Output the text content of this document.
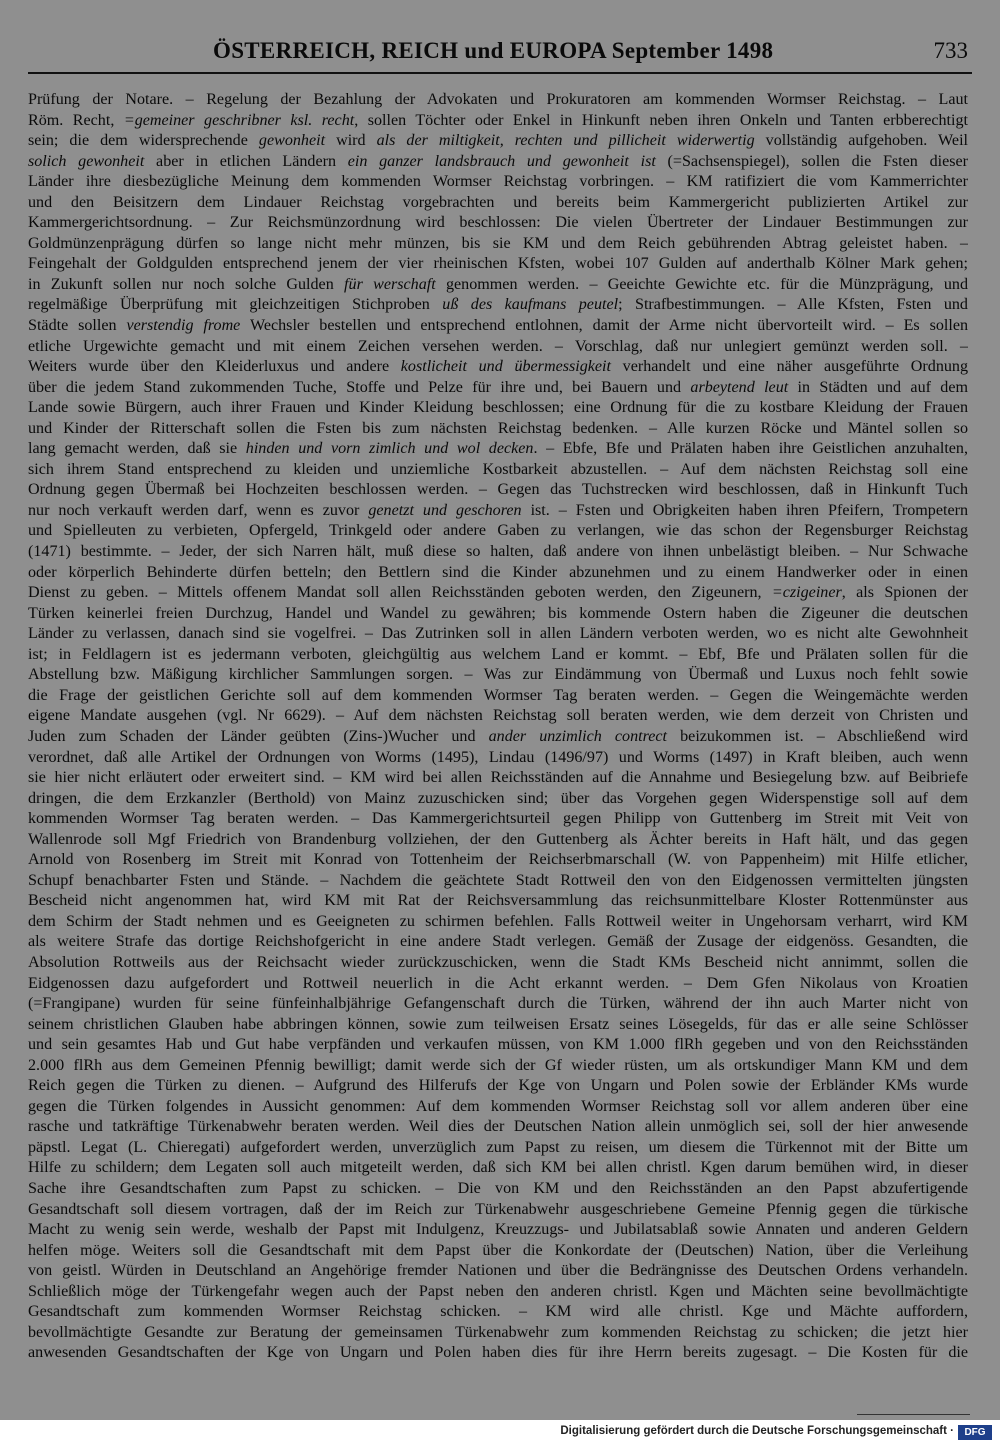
ÖSTERREICH, REICH und EUROPA September 1498	733
Prüfung der Notare. – Regelung der Bezahlung der Advokaten und Prokuratoren am kommenden Wormser Reichstag. – Laut
Röm. Recht, =gemeiner geschribner ksl. recht, sollen Töchter oder Enkel in Hinkunft neben ihren Onkeln und Tanten erbberechtigt
sein; die dem widersprechende gewonheit wird als der miltigkeit, rechten und pillicheit widerwertig vollständig aufgehoben. Weil
solich gewonheit aber in etlichen Ländern ein ganzer landsbrauch und gewonheit ist (=Sachsenspiegel), sollen die Fsten dieser
Länder ihre diesbezügliche Meinung dem kommenden Wormser Reichstag vorbringen. – KM ratifiziert die vom Kammerrichter
und den Beisitzern dem Lindauer Reichstag vorgebrachten und bereits beim Kammergericht publizierten Artikel zur
Kammergerichtsordnung. – Zur Reichsmünzordnung wird beschlossen: Die vielen Übertreter der Lindauer Bestimmungen zur
Goldmünzenprägung dürfen so lange nicht mehr münzen, bis sie KM und dem Reich gebührenden Abtrag geleistet haben. –
Feingehalt der Goldgulden entsprechend jenem der vier rheinischen Kfsten, wobei 107 Gulden auf anderthalb Kölner Mark gehen;
in Zukunft sollen nur noch solche Gulden für werschaft genommen werden. – Geeichte Gewichte etc. für die Münzprägung, und
regelmäßige Überprüfung mit gleichzeitigen Stichproben uß des kaufmans peutel; Strafbestimmungen. – Alle Kfsten, Fsten und
Städte sollen verstendig frome Wechsler bestellen und entsprechend entlohnen, damit der Arme nicht übervorteilt wird. – Es sollen
etliche Urgewichte gemacht und mit einem Zeichen versehen werden. – Vorschlag, daß nur unlegiert gemünzt werden soll. –
Weiters wurde über den Kleiderluxus und andere kostlicheit und übermessigkeit verhandelt und eine näher ausgeführte Ordnung
über die jedem Stand zukommenden Tuche, Stoffe und Pelze für ihre und, bei Bauern und arbeytend leut in Städten und auf dem
Lande sowie Bürgern, auch ihrer Frauen und Kinder Kleidung beschlossen; eine Ordnung für die zu kostbare Kleidung der Frauen
und Kinder der Ritterschaft sollen die Fsten bis zum nächsten Reichstag bedenken. – Alle kurzen Röcke und Mäntel sollen so
lang gemacht werden, daß sie hinden und vorn zimlich und wol decken. – Ebfe, Bfe und Prälaten haben ihre Geistlichen anzuhalten,
sich ihrem Stand entsprechend zu kleiden und unziemliche Kostbarkeit abzustellen. – Auf dem nächsten Reichstag soll eine
Ordnung gegen Übermaß bei Hochzeiten beschlossen werden. – Gegen das Tuchstrecken wird beschlossen, daß in Hinkunft Tuch
nur noch verkauft werden darf, wenn es zuvor genetzt und geschoren ist. – Fsten und Obrigkeiten haben ihren Pfeifern, Trompetern
und Spielleuten zu verbieten, Opfergeld, Trinkgeld oder andere Gaben zu verlangen, wie das schon der Regensburger Reichstag
(1471) bestimmte. – Jeder, der sich Narren hält, muß diese so halten, daß andere von ihnen unbelästigt bleiben. – Nur Schwache
oder körperlich Behinderte dürfen betteln; den Bettlern sind die Kinder abzunehmen und zu einem Handwerker oder in einen
Dienst zu geben. – Mittels offenem Mandat soll allen Reichsständen geboten werden, den Zigeunern, =czigeiner, als Spionen der
Türken keinerlei freien Durchzug, Handel und Wandel zu gewähren; bis kommende Ostern haben die Zigeuner die deutschen
Länder zu verlassen, danach sind sie vogelfrei. – Das Zutrinken soll in allen Ländern verboten werden, wo es nicht alte Gewohnheit
ist; in Feldlagern ist es jedermann verboten, gleichgültig aus welchem Land er kommt. – Ebf, Bfe und Prälaten sollen für die
Abstellung bzw. Mäßigung kirchlicher Sammlungen sorgen. – Was zur Eindämmung von Übermaß und Luxus noch fehlt sowie
die Frage der geistlichen Gerichte soll auf dem kommenden Wormser Tag beraten werden. – Gegen die Weingemächte werden
eigene Mandate ausgehen (vgl. Nr 6629). – Auf dem nächsten Reichstag soll beraten werden, wie dem derzeit von Christen und
Juden zum Schaden der Länder geübten (Zins-)Wucher und ander unzimlich contrect beizukommen ist. – Abschließend wird
verordnet, daß alle Artikel der Ordnungen von Worms (1495), Lindau (1496/97) und Worms (1497) in Kraft bleiben, auch wenn
sie hier nicht erläutert oder erweitert sind. – KM wird bei allen Reichsständen auf die Annahme und Besiegelung bzw. auf Beibriefe
dringen, die dem Erzkanzler (Berthold) von Mainz zuzuschicken sind; über das Vorgehen gegen Widerspenstige soll auf dem
kommenden Wormser Tag beraten werden. – Das Kammergerichtsurteil gegen Philipp von Guttenberg im Streit mit Veit von
Wallenrode soll Mgf Friedrich von Brandenburg vollziehen, der den Guttenberg als Ächter bereits in Haft hält, und das gegen
Arnold von Rosenberg im Streit mit Konrad von Tottenheim der Reichserbmarschall (W. von Pappenheim) mit Hilfe etlicher,
Schupf benachbarter Fsten und Stände. – Nachdem die geächtete Stadt Rottweil den von den Eidgenossen vermittelten jüngsten
Bescheid nicht angenommen hat, wird KM mit Rat der Reichsversammlung das reichsunmittelbare Kloster Rottenmünster aus
dem Schirm der Stadt nehmen und es Geeigneten zu schirmen befehlen. Falls Rottweil weiter in Ungehorsam verharrt, wird KM
als weitere Strafe das dortige Reichshofgericht in eine andere Stadt verlegen. Gemäß der Zusage der eidgenöss. Gesandten, die
Absolution Rottweils aus der Reichsacht wieder zurückzuschicken, wenn die Stadt KMs Bescheid nicht annimmt, sollen die
Eidgenossen dazu aufgefordert und Rottweil neuerlich in die Acht erkannt werden. – Dem Gfen Nikolaus von Kroatien
(=Frangipane) wurden für seine fünfeinhalbjährige Gefangenschaft durch die Türken, während der ihn auch Marter nicht von
seinem christlichen Glauben habe abbringen können, sowie zum teilweisen Ersatz seines Lösegelds, für das er alle seine Schlösser
und sein gesamtes Hab und Gut habe verpfänden und verkaufen müssen, von KM 1.000 flRh gegeben und von den Reichsständen
2.000 flRh aus dem Gemeinen Pfennig bewilligt; damit werde sich der Gf wieder rüsten, um als ortskundiger Mann KM und dem
Reich gegen die Türken zu dienen. – Aufgrund des Hilferufs der Kge von Ungarn und Polen sowie der Erbländer KMs wurde
gegen die Türken folgendes in Aussicht genommen: Auf dem kommenden Wormser Reichstag soll vor allem anderen über eine
rasche und tatkräftige Türkenabwehr beraten werden. Weil dies der Deutschen Nation allein unmöglich sei, soll der hier anwesende
päpstl. Legat (L. Chieregati) aufgefordert werden, unverzüglich zum Papst zu reisen, um diesem die Türkennot mit der Bitte um
Hilfe zu schildern; dem Legaten soll auch mitgeteilt werden, daß sich KM bei allen christl. Kgen darum bemühen wird, in dieser
Sache ihre Gesandtschaften zum Papst zu schicken. – Die von KM und den Reichsständen an den Papst abzufertigende
Gesandtschaft soll diesem vortragen, daß der im Reich zur Türkenabwehr ausgeschriebene Gemeine Pfennig gegen die türkische
Macht zu wenig sein werde, weshalb der Papst mit Indulgenz, Kreuzzugs- und Jubilatsablaß sowie Annaten und anderen Geldern
helfen möge. Weiters soll die Gesandtschaft mit dem Papst über die Konkordate der (Deutschen) Nation, über die Verleihung
von geistl. Würden in Deutschland an Angehörige fremder Nationen und über die Bedrängnisse des Deutschen Ordens verhandeln.
Schließlich möge der Türkengefahr wegen auch der Papst neben den anderen christl. Kgen und Mächten seine bevollmächtigte
Gesandtschaft zum kommenden Wormser Reichstag schicken. – KM wird alle christl. Kge und Mächte auffordern,
bevollmächtigte Gesandte zur Beratung der gemeinsamen Türkenabwehr zum kommenden Reichstag zu schicken; die jetzt hier
anwesenden Gesandtschaften der Kge von Ungarn und Polen haben dies für ihre Herrn bereits zugesagt. – Die Kosten für die
Digitalisierung gefördert durch die Deutsche Forschungsgemeinschaft ·	DFG
